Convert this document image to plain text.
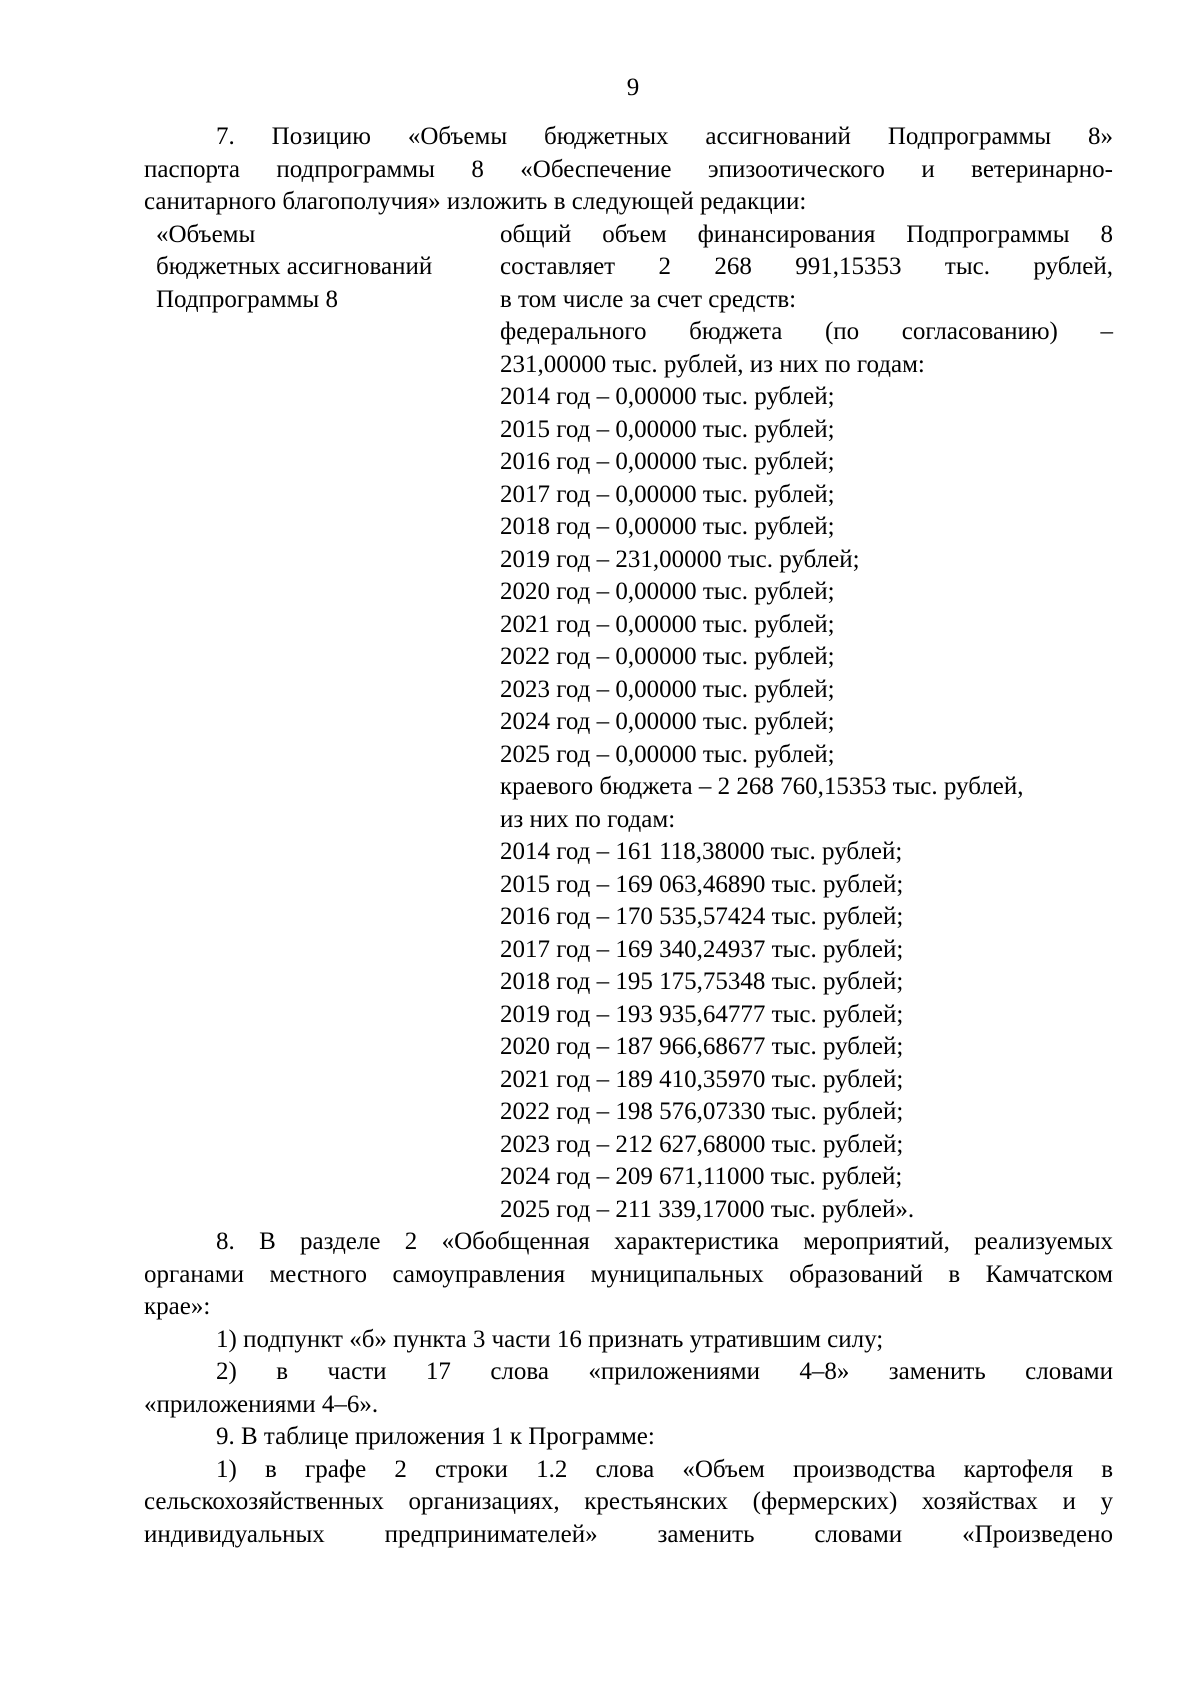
9
7. Позицию «Объемы бюджетных ассигнований Подпрограммы 8»
паспорта подпрограммы 8 «Обеспечение эпизоотического и ветеринарно-
санитарного благополучия» изложить в следующей редакции:
«Объемы
бюджетных ассигнований
Подпрограммы 8
общий объем финансирования Подпрограммы 8
составляет 2 268 991,15353 тыс. рублей,
в том числе за счет средств:
федерального бюджета (по согласованию) –
231,00000 тыс. рублей, из них по годам:
2014 год – 0,00000 тыс. рублей;
2015 год – 0,00000 тыс. рублей;
2016 год – 0,00000 тыс. рублей;
2017 год – 0,00000 тыс. рублей;
2018 год – 0,00000 тыс. рублей;
2019 год – 231,00000 тыс. рублей;
2020 год – 0,00000 тыс. рублей;
2021 год – 0,00000 тыс. рублей;
2022 год – 0,00000 тыс. рублей;
2023 год – 0,00000 тыс. рублей;
2024 год – 0,00000 тыс. рублей;
2025 год – 0,00000 тыс. рублей;
краевого бюджета – 2 268 760,15353 тыс. рублей,
из них по годам:
2014 год – 161 118,38000 тыс. рублей;
2015 год – 169 063,46890 тыс. рублей;
2016 год – 170 535,57424 тыс. рублей;
2017 год – 169 340,24937 тыс. рублей;
2018 год – 195 175,75348 тыс. рублей;
2019 год – 193 935,64777 тыс. рублей;
2020 год – 187 966,68677 тыс. рублей;
2021 год – 189 410,35970 тыс. рублей;
2022 год – 198 576,07330 тыс. рублей;
2023 год – 212 627,68000 тыс. рублей;
2024 год – 209 671,11000 тыс. рублей;
2025 год – 211 339,17000 тыс. рублей».
8. В разделе 2 «Обобщенная характеристика мероприятий, реализуемых
органами местного самоуправления муниципальных образований в Камчатском
крае»:
1) подпункт «б» пункта 3 части 16 признать утратившим силу;
2) в части 17 слова «приложениями 4–8» заменить словами
«приложениями 4–6».
9. В таблице приложения 1 к Программе:
1) в графе 2 строки 1.2 слова «Объем производства картофеля в
сельскохозяйственных организациях, крестьянских (фермерских) хозяйствах и у
индивидуальных предпринимателей» заменить словами «Произведено
